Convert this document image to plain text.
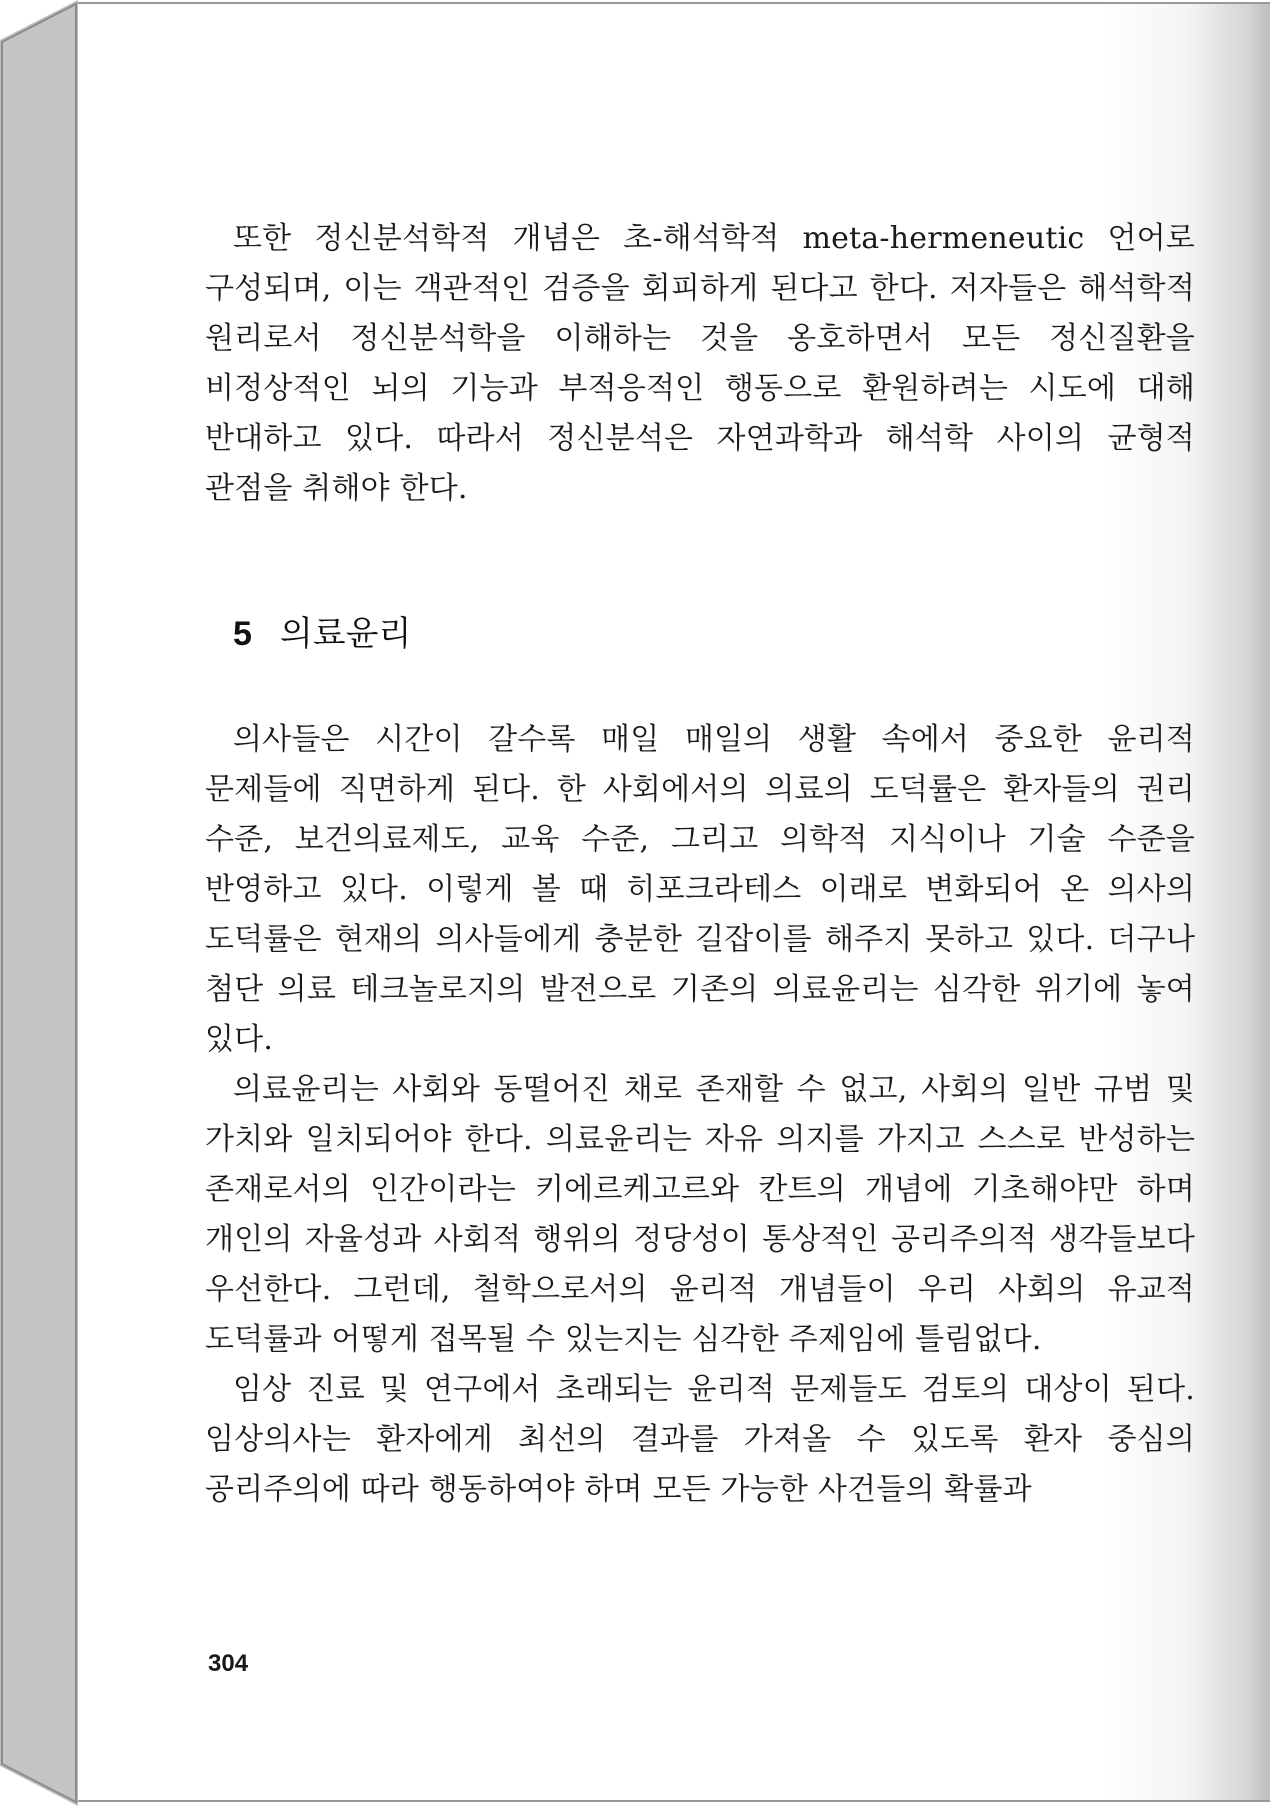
또한 정신분석학적 개념은 초-해석학적 meta-hermeneutic 언어로 구성되며, 이는 객관적인 검증을 회피하게 된다고 한다. 저자들은 해석학적 원리로서 정신분석학을 이해하는 것을 옹호하면서 모든 정신질환을 비정상적인 뇌의 기능과 부적응적인 행동으로 환원하려는 시도에 대해 반대하고 있다. 따라서 정신분석은 자연과학과 해석학 사이의 균형적 관점을 취해야 한다.

5 의료윤리

의사들은 시간이 갈수록 매일 매일의 생활 속에서 중요한 윤리적 문제들에 직면하게 된다. 한 사회에서의 의료의 도덕률은 환자들의 권리 수준, 보건의료제도, 교육 수준, 그리고 의학적 지식이나 기술 수준을 반영하고 있다. 이렇게 볼 때 히포크라테스 이래로 변화되어 온 의사의 도덕률은 현재의 의사들에게 충분한 길잡이를 해주지 못하고 있다. 더구나 첨단 의료 테크놀로지의 발전으로 기존의 의료윤리는 심각한 위기에 놓여 있다.

의료윤리는 사회와 동떨어진 채로 존재할 수 없고, 사회의 일반 규범 및 가치와 일치되어야 한다. 의료윤리는 자유 의지를 가지고 스스로 반성하는 존재로서의 인간이라는 키에르케고르와 칸트의 개념에 기초해야만 하며 개인의 자율성과 사회적 행위의 정당성이 통상적인 공리주의적 생각들보다 우선한다. 그런데, 철학으로서의 윤리적 개념들이 우리 사회의 유교적 도덕률과 어떻게 접목될 수 있는지는 심각한 주제임에 틀림없다.

임상 진료 및 연구에서 초래되는 윤리적 문제들도 검토의 대상이 된다. 임상의사는 환자에게 최선의 결과를 가져올 수 있도록 환자 중심의 공리주의에 따라 행동하여야 하며 모든 가능한 사건들의 확률과

304
